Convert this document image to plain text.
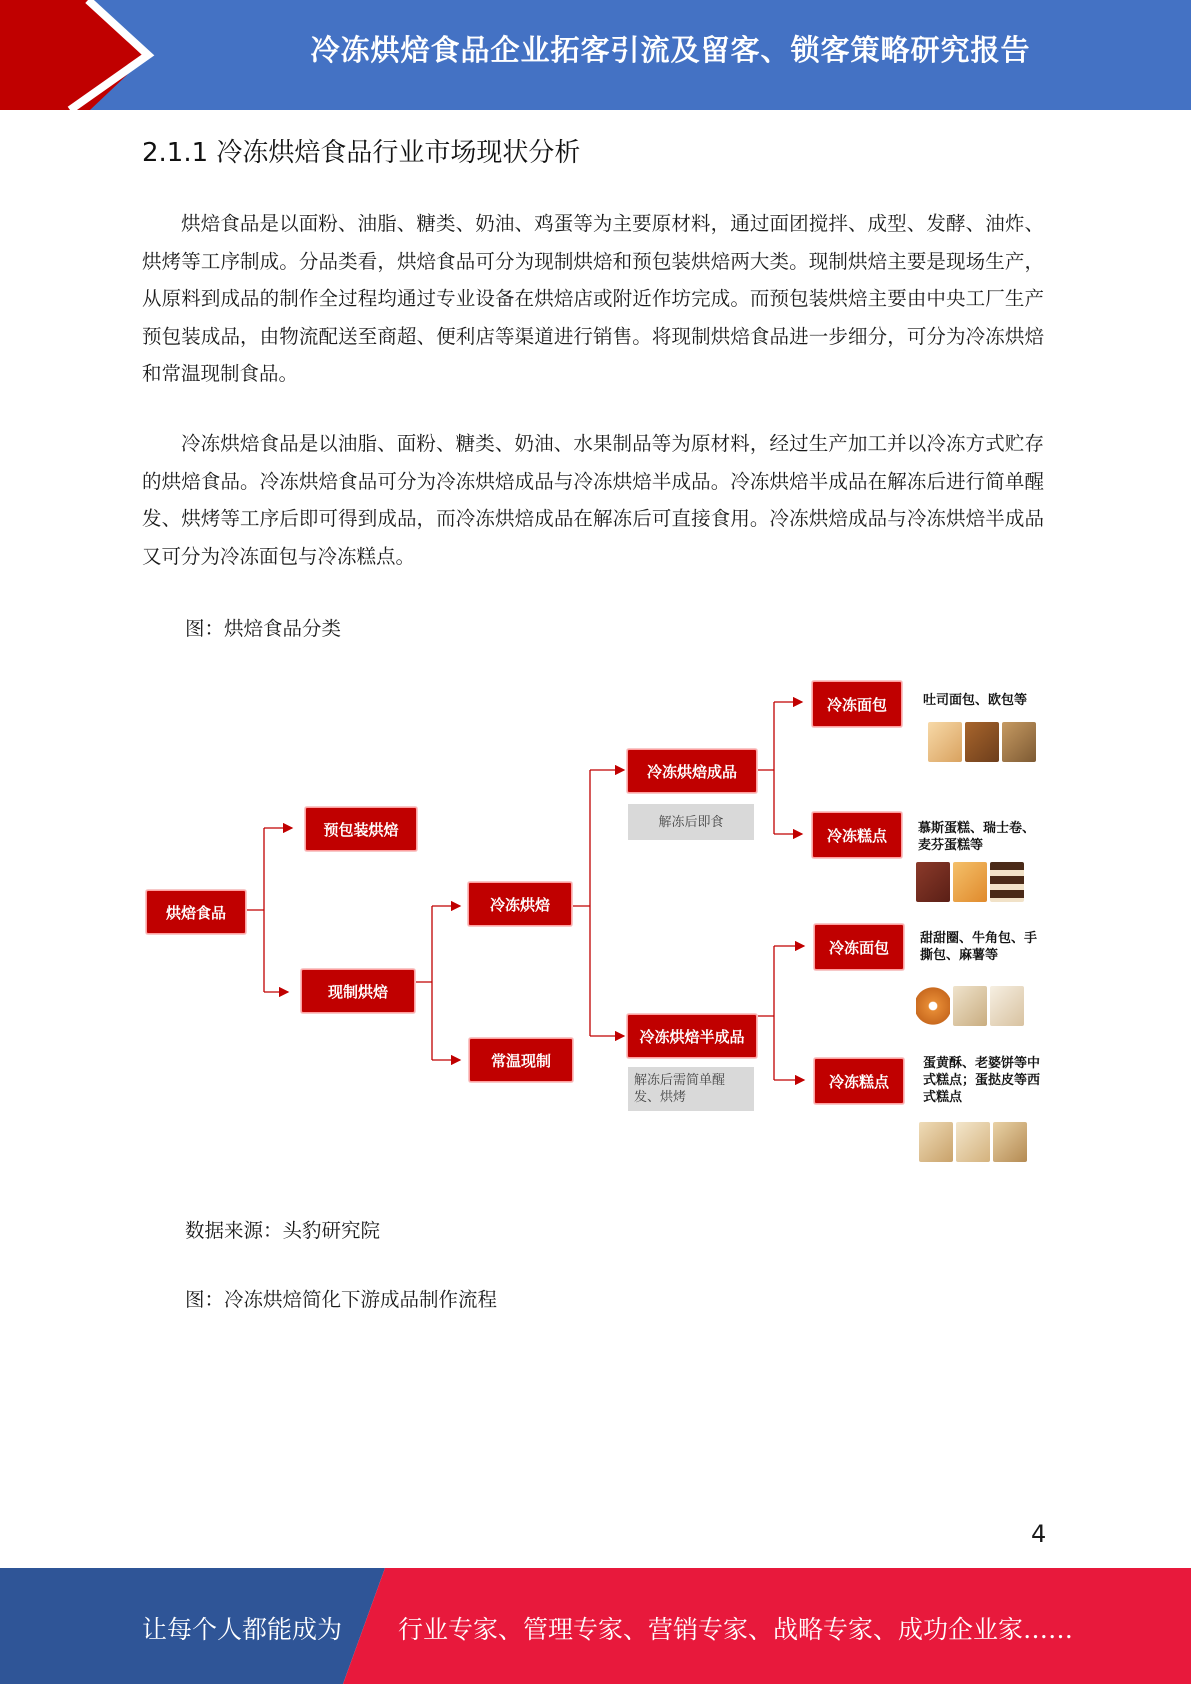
冷冻烘焙食品企业拓客引流及留客、锁客策略研究报告
2.1.1 冷冻烘焙食品行业市场现状分析

烘焙食品是以面粉、油脂、糖类、奶油、鸡蛋等为主要原材料，通过面团搅拌、成型、发酵、油炸、烘烤等工序制成。分品类看，烘焙食品可分为现制烘焙和预包装烘焙两大类。现制烘焙主要是现场生产，从原料到成品的制作全过程均通过专业设备在烘焙店或附近作坊完成。而预包装烘焙主要由中央工厂生产预包装成品，由物流配送至商超、便利店等渠道进行销售。将现制烘焙食品进一步细分，可分为冷冻烘焙和常温现制食品。

冷冻烘焙食品是以油脂、面粉、糖类、奶油、水果制品等为原材料，经过生产加工并以冷冻方式贮存的烘焙食品。冷冻烘焙食品可分为冷冻烘焙成品与冷冻烘焙半成品。冷冻烘焙半成品在解冻后进行简单醒发、烘烤等工序后即可得到成品，而冷冻烘焙成品在解冻后可直接食用。冷冻烘焙成品与冷冻烘焙半成品又可分为冷冻面包与冷冻糕点。

图：烘焙食品分类
烘焙食品
预包装烘焙
现制烘焙
冷冻烘焙
常温现制
冷冻烘焙成品
解冻后即食
冷冻烘焙半成品
解冻后需简单醒发、烘烤
冷冻面包
冷冻糕点
冷冻面包
冷冻糕点
吐司面包、欧包等
慕斯蛋糕、瑞士卷、麦芬蛋糕等
甜甜圈、牛角包、手撕包、麻薯等
蛋黄酥、老婆饼等中式糕点；蛋挞皮等西式糕点
数据来源：头豹研究院
图：冷冻烘焙简化下游成品制作流程
4
让每个人都能成为 行业专家、管理专家、营销专家、战略专家、成功企业家……
